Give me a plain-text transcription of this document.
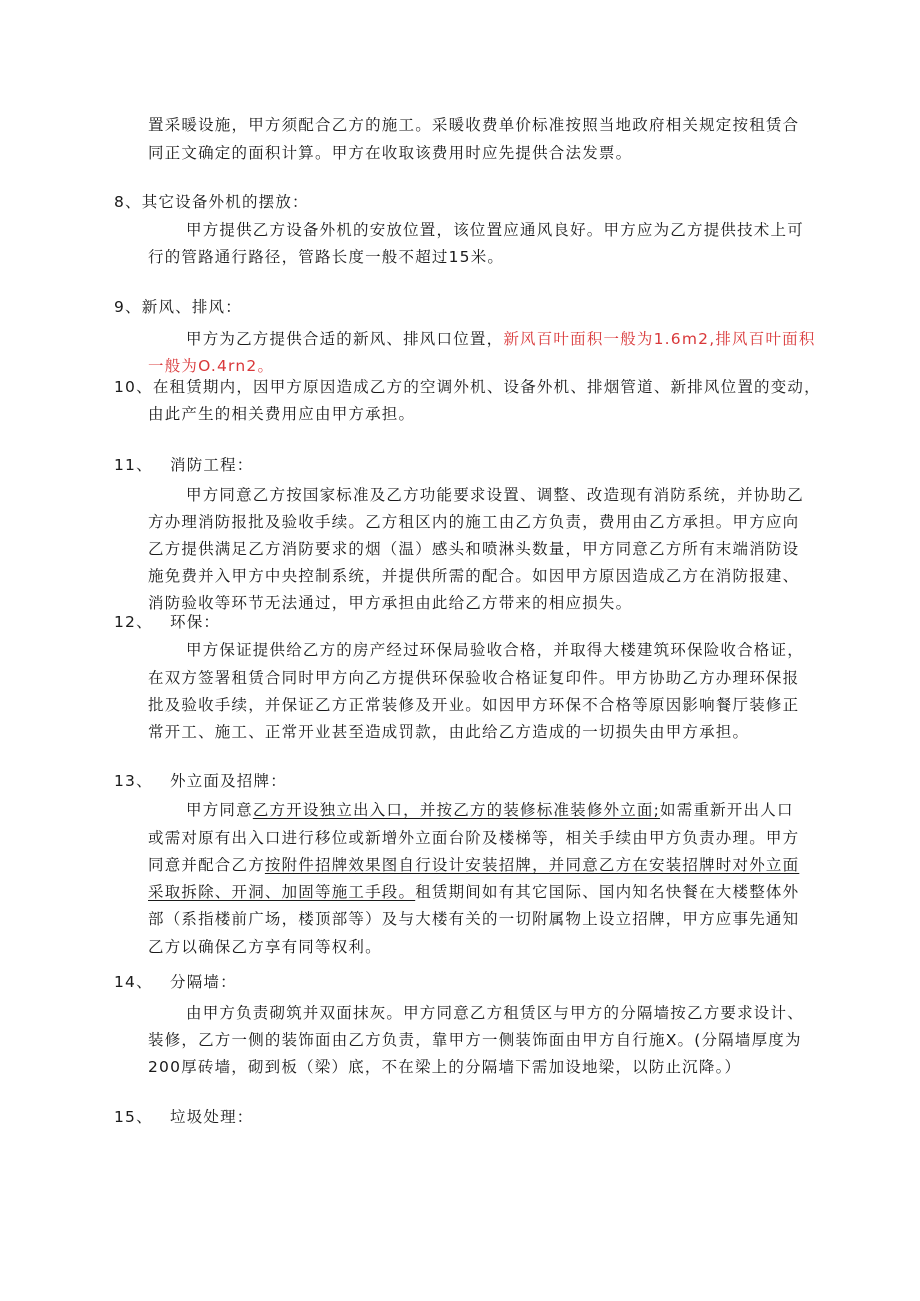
置采暖设施，甲方须配合乙方的施工。采暖收费单价标准按照当地政府相关规定按租赁合
同正文确定的面积计算。甲方在收取该费用时应先提供合法发票。
8、其它设备外机的摆放：
甲方提供乙方设备外机的安放位置，该位置应通风良好。甲方应为乙方提供技术上可
行的管路通行路径，管路长度一般不超过15米。
9、新风、排风：
甲方为乙方提供合适的新风、排风口位置，新风百叶面积一般为1.6m2,排风百叶面积
一般为O.4rn2。
10、在租赁期内，因甲方原因造成乙方的空调外机、设备外机、排烟管道、新排风位置的变动，
由此产生的相关费用应由甲方承担。
11、 消防工程：
甲方同意乙方按国家标准及乙方功能要求设置、调整、改造现有消防系统，并协助乙
方办理消防报批及验收手续。乙方租区内的施工由乙方负责，费用由乙方承担。甲方应向
乙方提供满足乙方消防要求的烟（温）感头和喷淋头数量，甲方同意乙方所有末端消防设
施免费并入甲方中央控制系统，并提供所需的配合。如因甲方原因造成乙方在消防报建、
消防验收等环节无法通过，甲方承担由此给乙方带来的相应损失。
12、 环保：
甲方保证提供给乙方的房产经过环保局验收合格，并取得大楼建筑环保险收合格证，
在双方签署租赁合同时甲方向乙方提供环保验收合格证复印件。甲方协助乙方办理环保报
批及验收手续，并保证乙方正常装修及开业。如因甲方环保不合格等原因影响餐厅装修正
常开工、施工、正常开业甚至造成罚款，由此给乙方造成的一切损失由甲方承担。
13、 外立面及招牌：
甲方同意乙方开设独立出入口，并按乙方的装修标准装修外立面;如需重新开出人口
或需对原有出入口进行移位或新增外立面台阶及楼梯等，相关手续由甲方负责办理。甲方
同意并配合乙方按附件招牌效果图自行设计安装招牌，并同意乙方在安装招牌时对外立面
采取拆除、开洞、加固等施工手段。租赁期间如有其它国际、国内知名快餐在大楼整体外
部（系指楼前广场，楼顶部等）及与大楼有关的一切附属物上设立招牌，甲方应事先通知
乙方以确保乙方享有同等权利。
14、 分隔墙：
由甲方负责砌筑并双面抹灰。甲方同意乙方租赁区与甲方的分隔墙按乙方要求设计、
装修，乙方一侧的装饰面由乙方负责，靠甲方一侧装饰面由甲方自行施X。(分隔墙厚度为
200厚砖墙，砌到板（梁）底，不在梁上的分隔墙下需加设地梁，以防止沉降。）
15、 垃圾处理：
